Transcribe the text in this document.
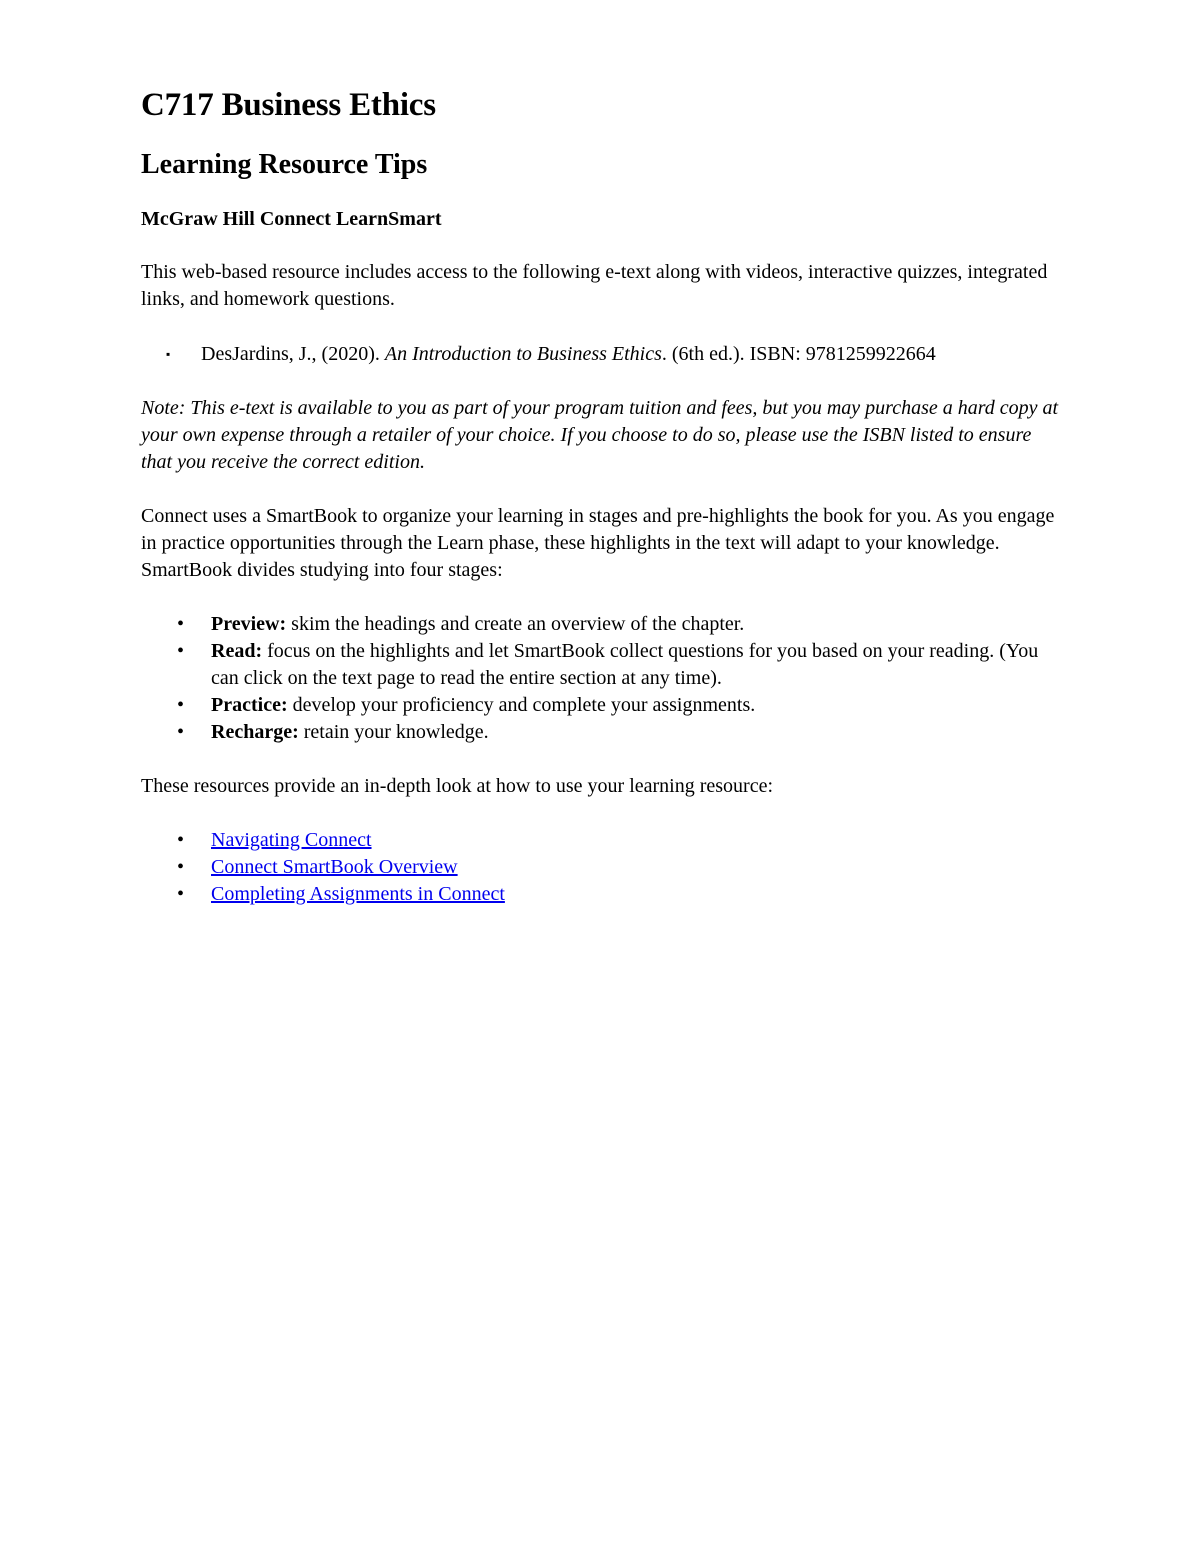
C717 Business Ethics
Learning Resource Tips
McGraw Hill Connect LearnSmart

This web-based resource includes access to the following e-text along with videos, interactive quizzes, integrated links, and homework questions.

▪ DesJardins, J., (2020). An Introduction to Business Ethics. (6th ed.). ISBN: 9781259922664

Note: This e-text is available to you as part of your program tuition and fees, but you may purchase a hard copy at your own expense through a retailer of your choice. If you choose to do so, please use the ISBN listed to ensure that you receive the correct edition.

Connect uses a SmartBook to organize your learning in stages and pre-highlights the book for you. As you engage in practice opportunities through the Learn phase, these highlights in the text will adapt to your knowledge. SmartBook divides studying into four stages:

• Preview: skim the headings and create an overview of the chapter.
• Read: focus on the highlights and let SmartBook collect questions for you based on your reading. (You can click on the text page to read the entire section at any time).
• Practice: develop your proficiency and complete your assignments.
• Recharge: retain your knowledge.

These resources provide an in-depth look at how to use your learning resource:

• Navigating Connect
• Connect SmartBook Overview
• Completing Assignments in Connect
